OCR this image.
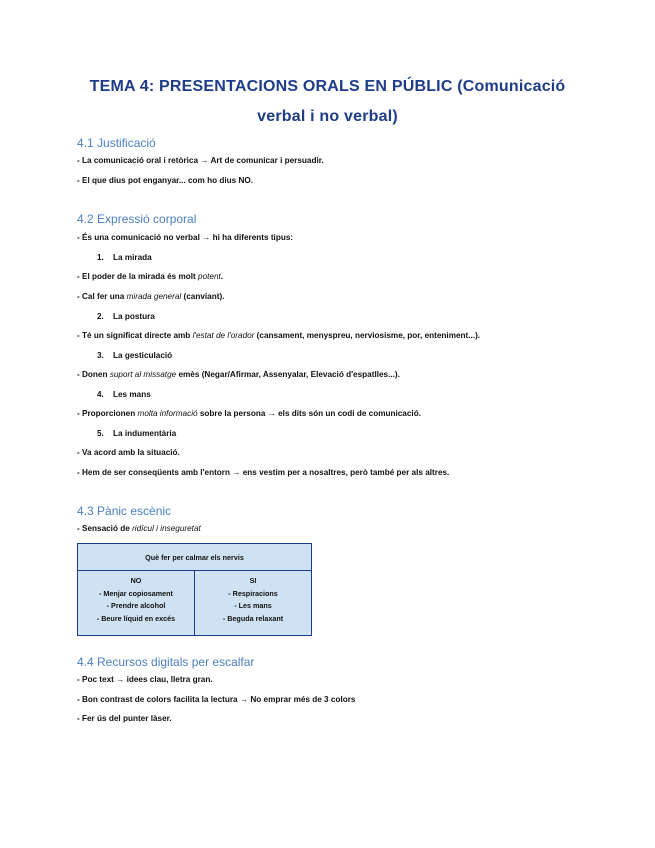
TEMA 4: PRESENTACIONS ORALS EN PÚBLIC (Comunicació
verbal i no verbal)
4.1 Justificació
- La comunicació oral i retòrica → Art de comunicar i persuadir.
- El que dius pot enganyar... com ho dius NO.
4.2 Expressió corporal
- És una comunicació no verbal → hi ha diferents tipus:
1. La mirada
- El poder de la mirada és molt potent.
- Cal fer una mirada general (canviant).
2. La postura
- Té un significat directe amb l'estat de l'orador (cansament, menyspreu, nerviosisme, por, enteniment...).
3. La gesticulació
- Donen suport al missatge emès (Negar/Afirmar, Assenyalar, Elevació d'espatlles...).
4. Les mans
- Proporcionen molta informació sobre la persona → els dits són un codi de comunicació.
5. La indumentària
- Va acord amb la situació.
- Hem de ser conseqüents amb l'entorn → ens vestim per a nosaltres, però també per als altres.
4.3 Pànic escènic
- Sensació de ridícul i inseguretat
Què fer per calmar els nervis
NO
- Menjar copiosament
- Prendre alcohol
- Beure líquid en excés
SI
- Respiracions
- Les mans
- Beguda relaxant
4.4 Recursos digitals per escalfar
- Poc text → idees clau, lletra gran.
- Bon contrast de colors facilita la lectura → No emprar més de 3 colors
- Fer ús del punter làser.
